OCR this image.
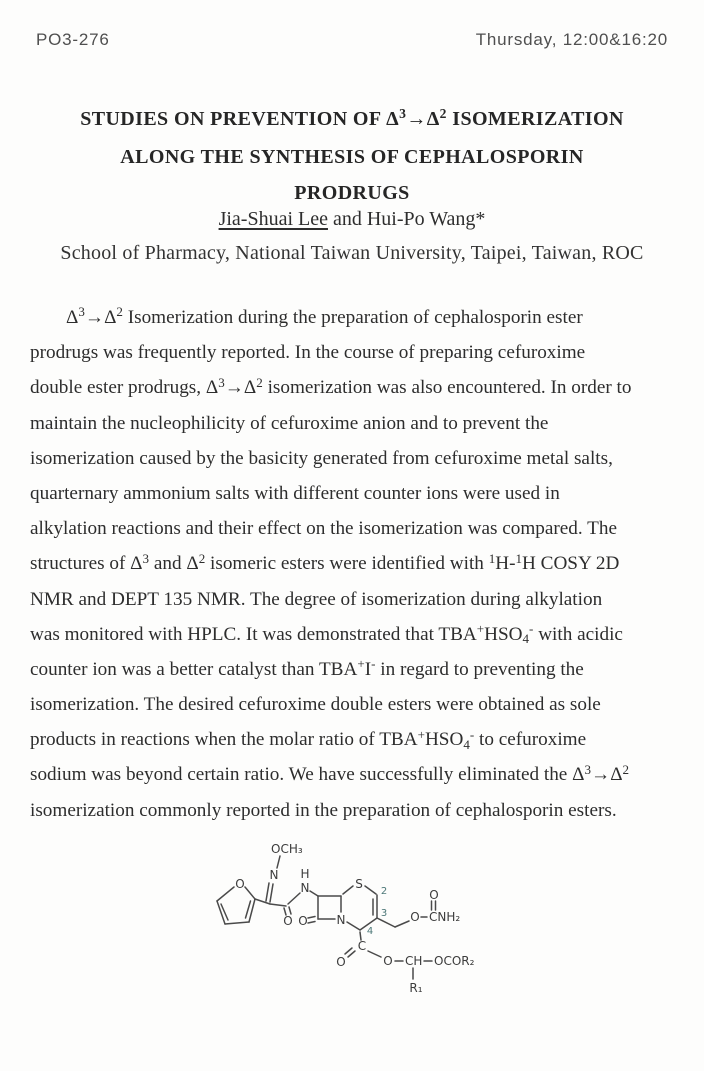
PO3-276	Thursday, 12:00&16:20
STUDIES ON PREVENTION OF $\Delta^3\to\Delta^2$ ISOMERIZATION
ALONG THE SYNTHESIS OF CEPHALOSPORIN
PRODRUGS
Jia-Shuai Lee and Hui-Po Wang*
School of Pharmacy, National Taiwan University, Taipei, Taiwan, ROC
$\Delta^3\to\Delta^2$ Isomerization during the preparation of cephalosporin ester
prodrugs was frequently reported. In the course of preparing cefuroxime
double ester prodrugs, $\Delta^3\to\Delta^2$ isomerization was also encountered. In order to
maintain the nucleophilicity of cefuroxime anion and to prevent the
isomerization caused by the basicity generated from cefuroxime metal salts,
quarternary ammonium salts with different counter ions were used in
alkylation reactions and their effect on the isomerization was compared. The
structures of $\Delta^3$ and $\Delta^2$ isomeric esters were identified with $^1$H-$^1$H COSY 2D
NMR and DEPT 135 NMR. The degree of isomerization during alkylation
was monitored with HPLC. It was demonstrated that $TBA^+HSO_4^-$ with acidic
counter ion was a better catalyst than TBA+I- in regard to preventing the
isomerization. The desired cefuroxime double esters were obtained as sole
products in reactions when the molar ratio of $TBA^+HSO_4^-$ to cefuroxime
sodium was beyond certain ratio. We have successfully eliminated the $\Delta^3\to\Delta^2$
isomerization commonly reported in the preparation of cephalosporin esters.
OCH₃
N
O
O
H
N
O N
S
2
3
4
O
O
CNH₂
C
O	O CH OCOR₂
R₁
